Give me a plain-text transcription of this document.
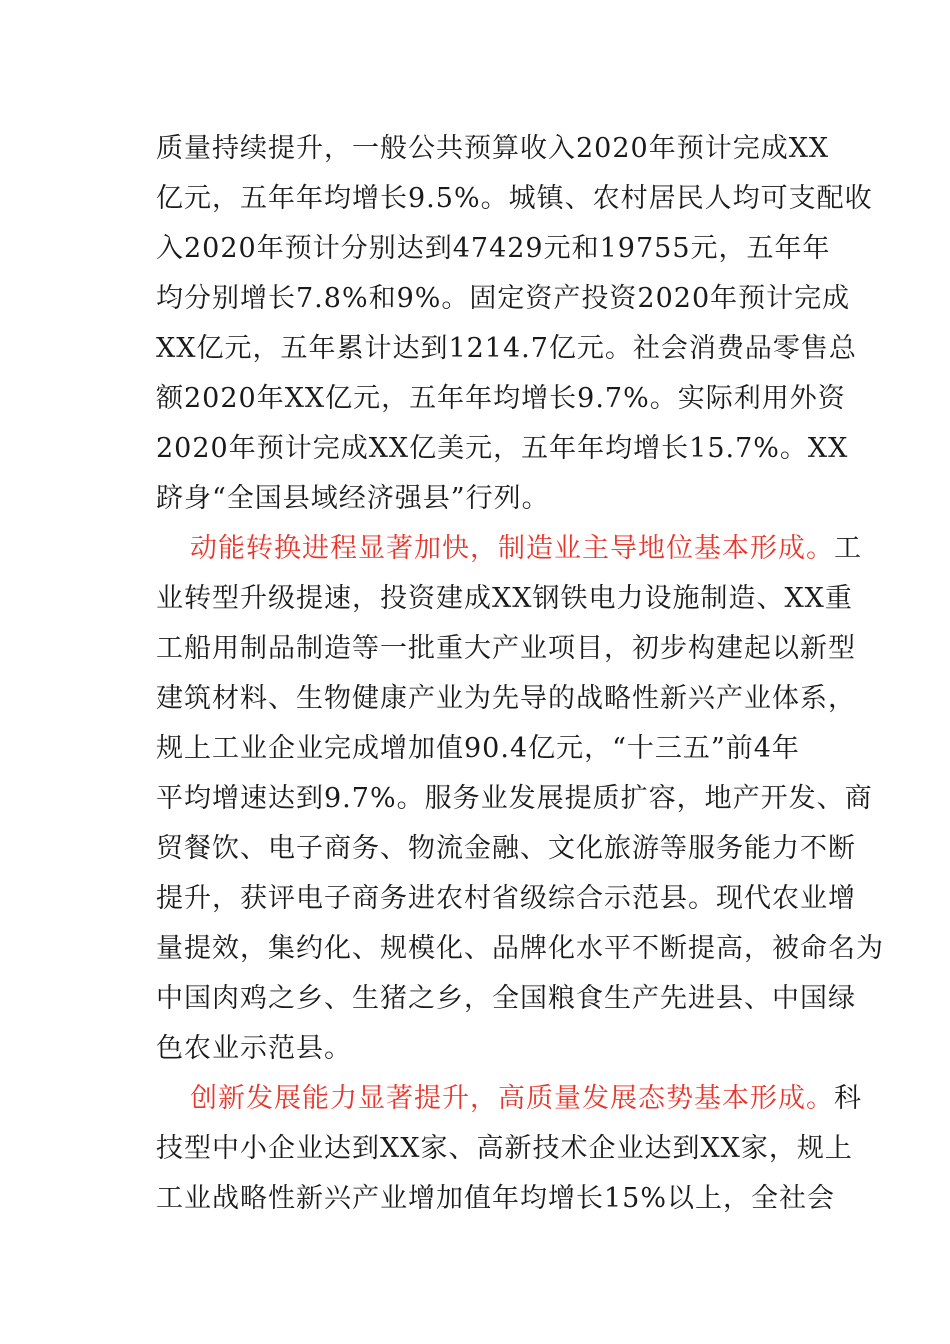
质量持续提升，一般公共预算收入2020年预计完成XX
亿元，五年年均增长9.5%。城镇、农村居民人均可支配收
入2020年预计分别达到47429元和19755元，五年年
均分别增长7.8%和9%。固定资产投资2020年预计完成
XX亿元，五年累计达到1214.7亿元。社会消费品零售总
额2020年XX亿元，五年年均增长9.7%。实际利用外资
2020年预计完成XX亿美元，五年年均增长15.7%。XX
跻身“全国县域经济强县”行列。

动能转换进程显著加快，制造业主导地位基本形成。工
业转型升级提速，投资建成XX钢铁电力设施制造、XX重
工船用制品制造等一批重大产业项目，初步构建起以新型
建筑材料、生物健康产业为先导的战略性新兴产业体系，
规上工业企业完成增加值90.4亿元，“十三五”前4年
平均增速达到9.7%。服务业发展提质扩容，地产开发、商
贸餐饮、电子商务、物流金融、文化旅游等服务能力不断
提升，获评电子商务进农村省级综合示范县。现代农业增
量提效，集约化、规模化、品牌化水平不断提高，被命名为
中国肉鸡之乡、生猪之乡，全国粮食生产先进县、中国绿
色农业示范县。

创新发展能力显著提升，高质量发展态势基本形成。科
技型中小企业达到XX家、高新技术企业达到XX家，规上
工业战略性新兴产业增加值年均增长15%以上，全社会
